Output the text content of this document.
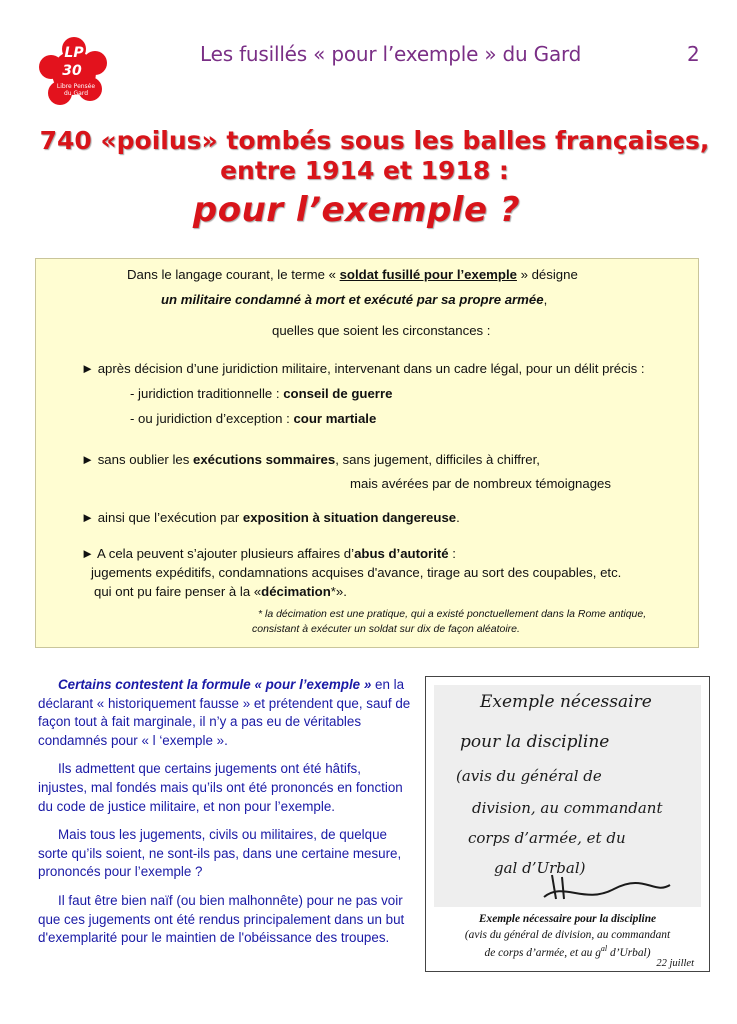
LP
30
Libre Pensée
du Gard
Les fusillés « pour l’exemple » du Gard	2
740 «poilus» tombés sous les balles françaises,
entre 1914 et 1918 :
pour l’exemple ?
Dans le langage courant, le terme « soldat fusillé pour l’exemple » désigne
un militaire condamné à mort et exécuté par sa propre armée,
quelles que soient les circonstances :
► après décision d’une juridiction militaire, intervenant dans un cadre légal, pour un délit précis :
- juridiction traditionnelle : conseil de guerre
- ou juridiction d’exception : cour martiale
► sans oublier les exécutions sommaires, sans jugement, difficiles à chiffrer,
mais avérées par de nombreux témoignages
► ainsi que l’exécution par exposition à situation dangereuse.
► A cela peuvent s’ajouter plusieurs affaires d’abus d’autorité :
jugements expéditifs, condamnations acquises d'avance, tirage au sort des coupables, etc.
qui ont pu faire penser à la «décimation*».
* la décimation est une pratique, qui a existé ponctuellement dans la Rome antique,
consistant à exécuter un soldat sur dix de façon aléatoire.

Certains contestent la formule « pour l’exemple » en la déclarant « historiquement fausse » et prétendent que, sauf de façon tout à fait marginale, il n’y a pas eu de véritables condamnés pour « l ‘exemple ».

Ils admettent que certains jugements ont été hâtifs, injustes, mal fondés mais qu’ils ont été prononcés en fonction du code de justice militaire, et non pour l’exemple.

Mais tous les jugements, civils ou militaires, de quelque sorte qu’ils soient, ne sont-ils pas, dans une certaine mesure, prononcés pour l’exemple ?

Il faut être bien naïf (ou bien malhonnête) pour ne pas voir que ces jugements ont été rendus principalement dans un but d'exemplarité pour le maintien de l'obéissance des troupes.

Exemple nécessaire
pour la discipline
(avis du général de
division, au commandant
corps d’armée, et du
gal d’Urbal)
Exemple nécessaire pour la discipline
(avis du général de division, au commandant
de corps d’armée, et au $g^{al}$ d’Urbal)
22 juillet
